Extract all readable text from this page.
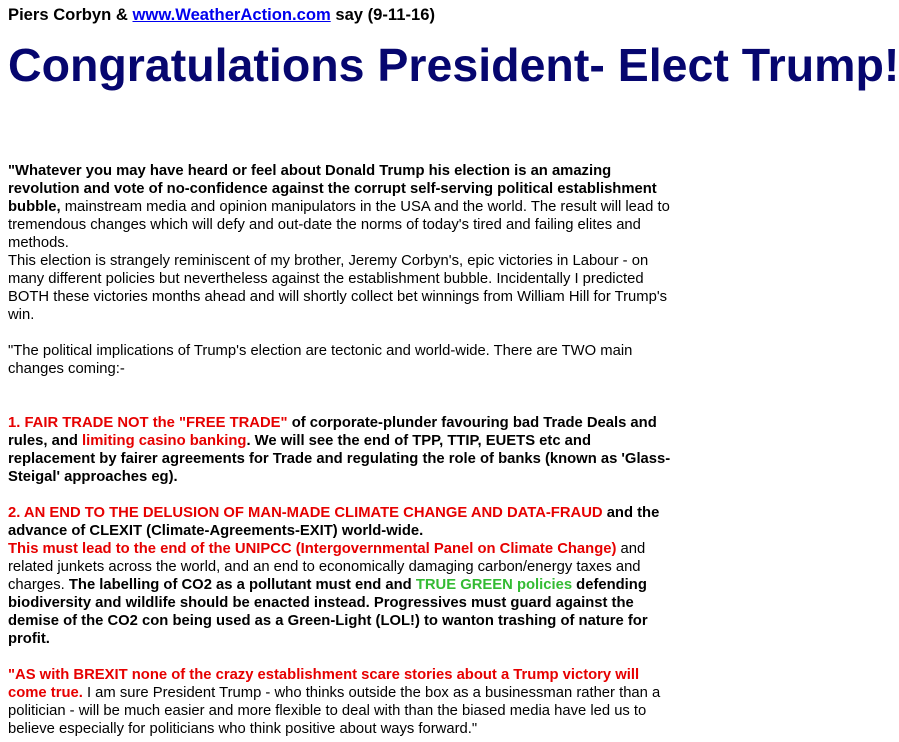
Piers Corbyn & www.WeatherAction.com say (9-11-16)
Congratulations President- Elect Trump!
"Whatever you may have heard or feel about Donald Trump his election is an amazing
revolution and vote of no-confidence against the corrupt self-serving political establishment
bubble, mainstream media and opinion manipulators in the USA and the world. The result will lead to
tremendous changes which will defy and out-date the norms of today's tired and failing elites and
methods.
This election is strangely reminiscent of my brother, Jeremy Corbyn's, epic victories in Labour - on
many different policies but nevertheless against the establishment bubble. Incidentally I predicted
BOTH these victories months ahead and will shortly collect bet winnings from William Hill for Trump's
win.
"The political implications of Trump's election are tectonic and world-wide. There are TWO main
changes coming:-
1. FAIR TRADE NOT the "FREE TRADE" of corporate-plunder favouring bad Trade Deals and
rules, and limiting casino banking. We will see the end of TPP, TTIP, EUETS etc and
replacement by fairer agreements for Trade and regulating the role of banks (known as 'Glass-
Steigal' approaches eg).
2. AN END TO THE DELUSION OF MAN-MADE CLIMATE CHANGE AND DATA-FRAUD and the
advance of CLEXIT (Climate-Agreements-EXIT) world-wide.
This must lead to the end of the UNIPCC (Intergovernmental Panel on Climate Change) and
related junkets across the world, and an end to economically damaging carbon/energy taxes and
charges. The labelling of CO2 as a pollutant must end and TRUE GREEN policies defending
biodiversity and wildlife should be enacted instead. Progressives must guard against the
demise of the CO2 con being used as a Green-Light (LOL!) to wanton trashing of nature for
profit.
"AS with BREXIT none of the crazy establishment scare stories about a Trump victory will
come true. I am sure President Trump - who thinks outside the box as a businessman rather than a
politician - will be much easier and more flexible to deal with than the biased media have led us to
believe especially for politicians who think positive about ways forward."
